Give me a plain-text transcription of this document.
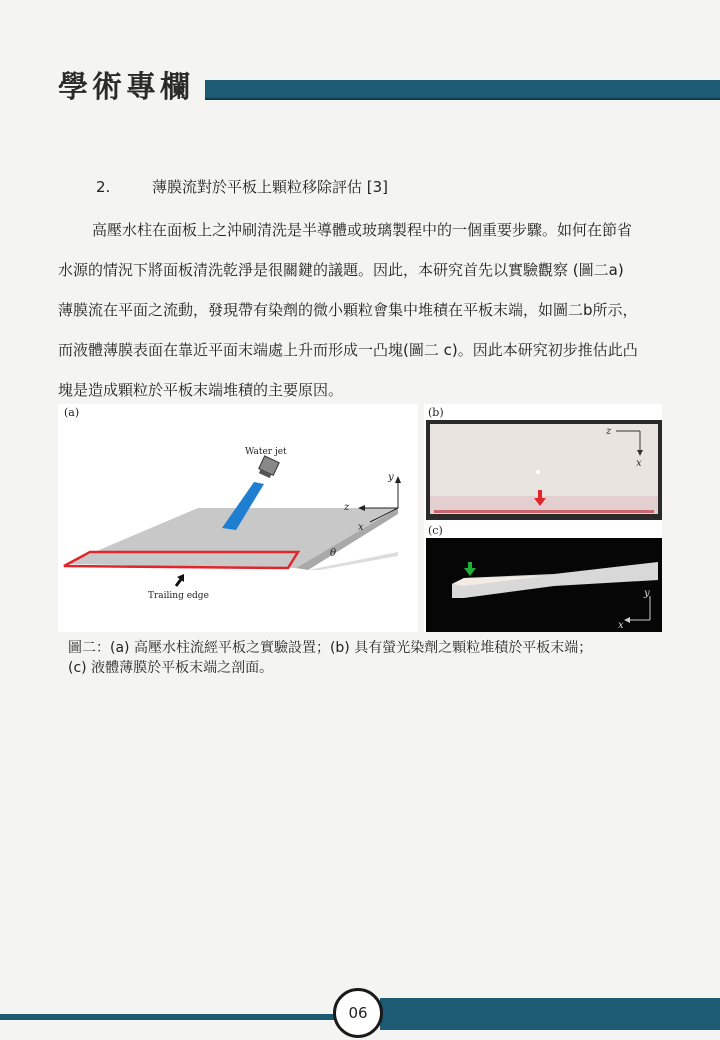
學術專欄
2.	薄膜流對於平板上顆粒移除評估 [3]

高壓水柱在面板上之沖刷清洗是半導體或玻璃製程中的一個重要步驟。如何在節省

水源的情況下將面板清洗乾淨是很關鍵的議題。因此，本研究首先以實驗觀察 (圖二a)

薄膜流在平面之流動，發現帶有染劑的微小顆粒會集中堆積在平板末端，如圖二b所示，

而液體薄膜表面在靠近平面末端處上升而形成一凸塊(圖二 c)。因此本研究初步推估此凸

塊是造成顆粒於平板末端堆積的主要原因。

(a)
Water jet
y
z
x
θ
Trailing edge
(b)
z
x
(c)
y
x

圖二：(a) 高壓水柱流經平板之實驗設置；(b) 具有螢光染劑之顆粒堆積於平板末端；

(c) 液體薄膜於平板末端之剖面。

06
